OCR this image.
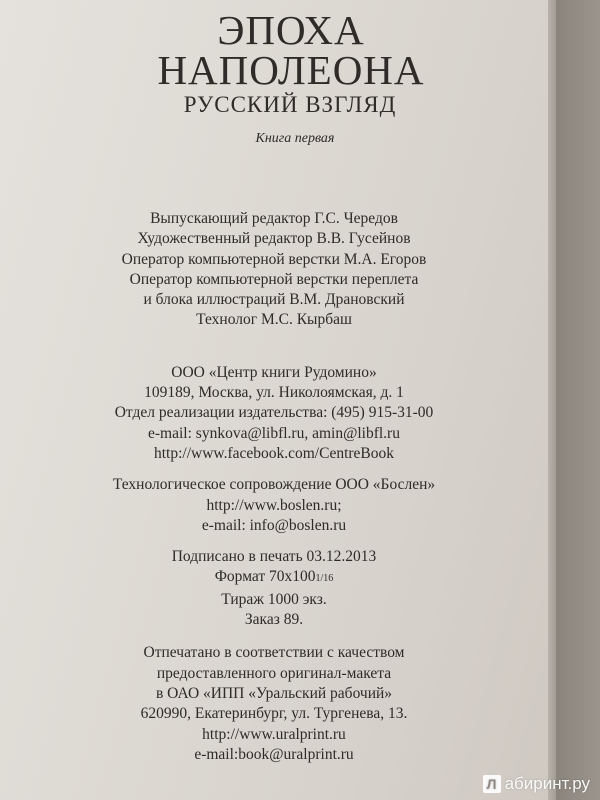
ЭПОХА
НАПОЛЕОНА
РУССКИЙ ВЗГЛЯД
Книга первая
Выпускающий редактор Г.С. Чередов
Художественный редактор В.В. Гусейнов
Оператор компьютерной верстки М.А. Егоров
Оператор компьютерной верстки переплета
и блока иллюстраций В.М. Драновский
Технолог М.С. Кырбаш
ООО «Центр книги Рудомино»
109189, Москва, ул. Николоямская, д. 1
Отдел реализации издательства: (495) 915-31-00
e-mail: synkova@libfl.ru, amin@libfl.ru
http://www.facebook.com/CentreBook
Технологическое сопровождение ООО «Бослен»
http://www.boslen.ru;
e-mail: info@boslen.ru
Подписано в печать 03.12.2013
Формат 70x1001/16
Тираж 1000 экз.
Заказ 89.
Отпечатано в соответствии с качеством
предоставленного оригинал-макета
в ОАО «ИПП «Уральский рабочий»
620990, Екатеринбург, ул. Тургенева, 13.
http://www.uralprint.ru
e-mail:book@uralprint.ru
Л абиринт.ру
